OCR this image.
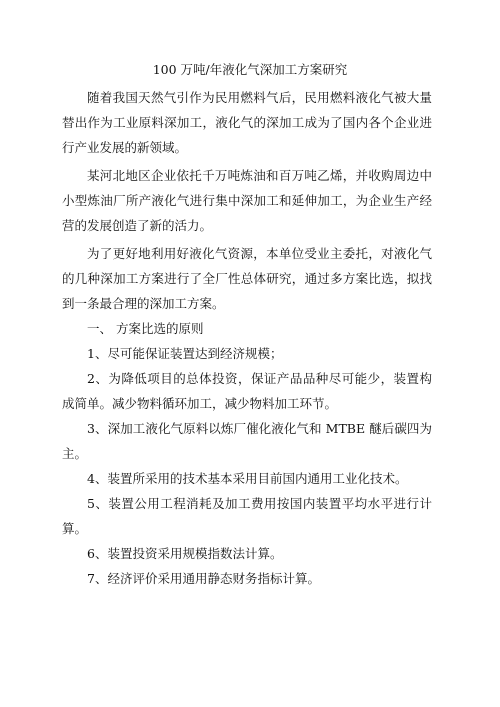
100 万吨/年液化气深加工方案研究

随着我国天然气引作为民用燃料气后，民用燃料液化气被大量替出作为工业原料深加工，液化气的深加工成为了国内各个企业进行产业发展的新领域。

某河北地区企业依托千万吨炼油和百万吨乙烯，并收购周边中小型炼油厂所产液化气进行集中深加工和延伸加工，为企业生产经营的发展创造了新的活力。

为了更好地利用好液化气资源，本单位受业主委托，对液化气的几种深加工方案进行了全厂性总体研究，通过多方案比选，拟找到一条最合理的深加工方案。

一、 方案比选的原则

1、尽可能保证装置达到经济规模；

2、为降低项目的总体投资，保证产品品种尽可能少，装置构成简单。减少物料循环加工，减少物料加工环节。

3、深加工液化气原料以炼厂催化液化气和 MTBE 醚后碳四为主。

4、装置所采用的技术基本采用目前国内通用工业化技术。

5、装置公用工程消耗及加工费用按国内装置平均水平进行计算。

6、装置投资采用规模指数法计算。

7、经济评价采用通用静态财务指标计算。
